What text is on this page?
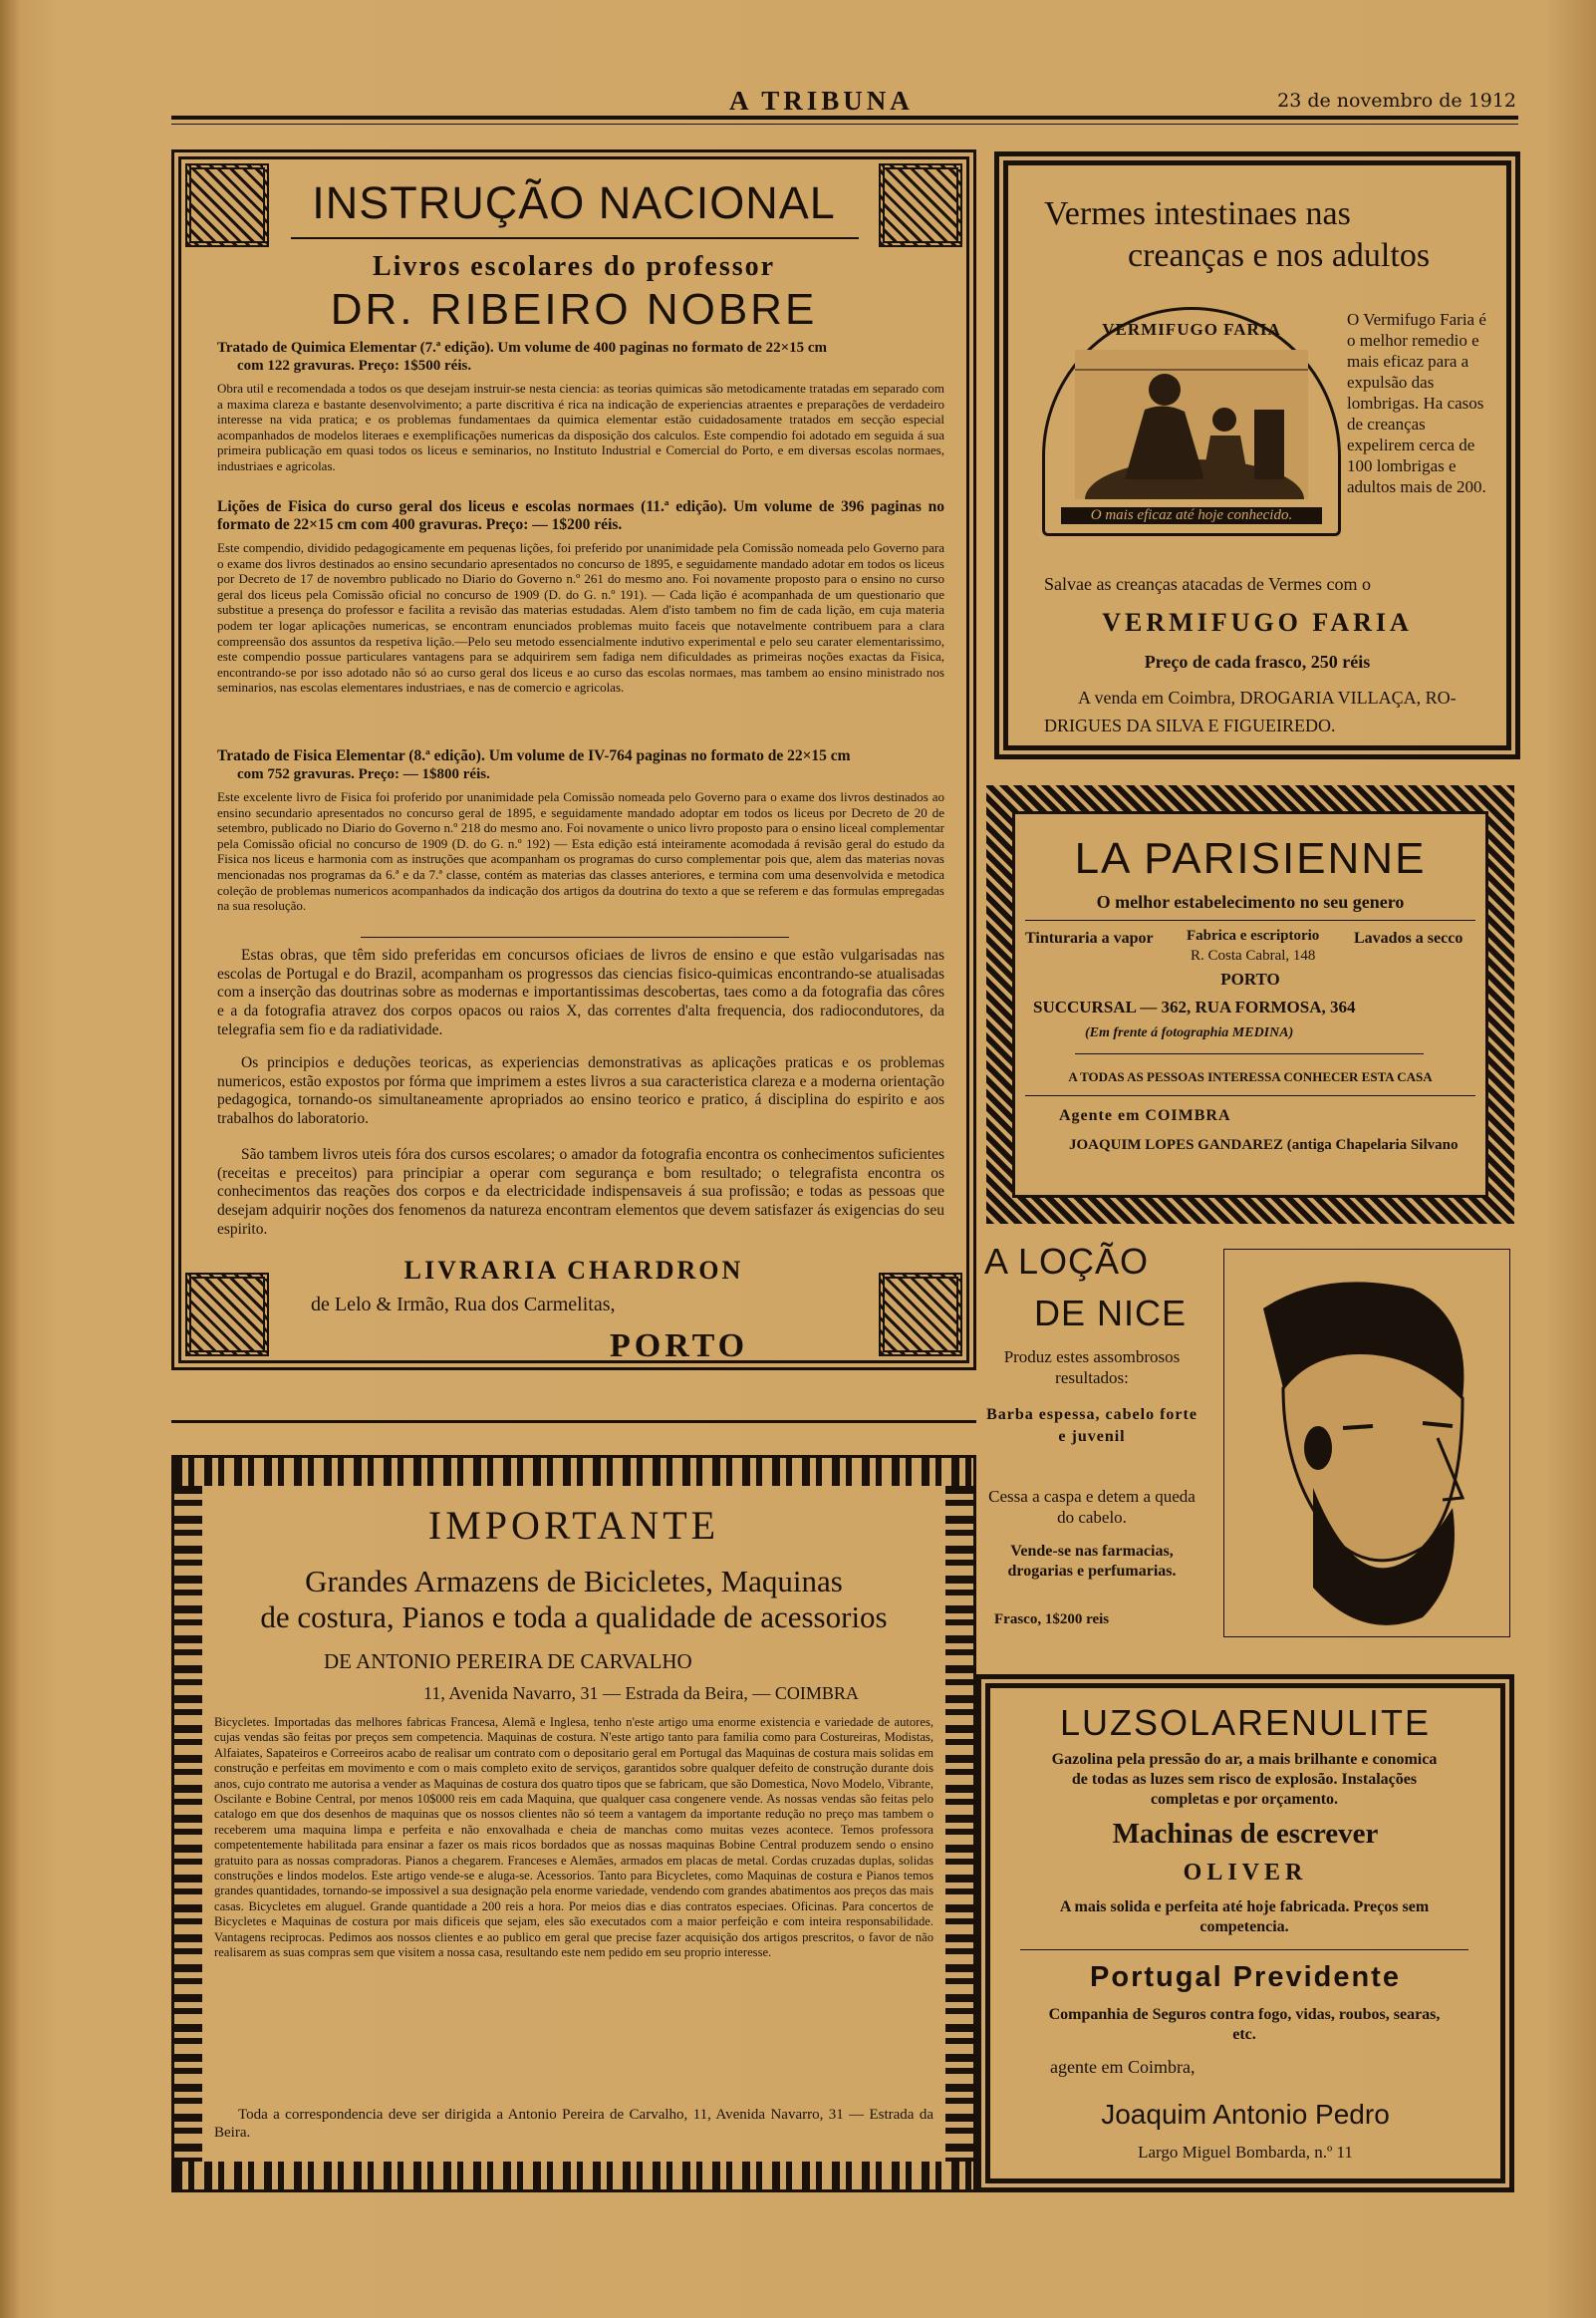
A TRIBUNA	23 de novembro de 1912
INSTRUÇÃO NACIONAL
Livros escolares do professor
DR. RIBEIRO NOBRE
Tratado de Quimica Elementar (7.ª edição). Um volume de 400 paginas no formato de 22×15 cm
com 122 gravuras. Preço: 1$500 réis.
Obra util e recomendada a todos os que desejam instruir-se nesta ciencia: as teorias quimicas são metodicamente tratadas em separado com a maxima clareza e bastante desenvolvimento; a parte discritiva é rica na indicação de experiencias atraentes e preparações de verdadeiro interesse na vida pratica; e os problemas fundamentaes da quimica elementar estão cuidadosamente tratados em secção especial acompanhados de modelos literaes e exemplificações numericas da disposição dos calculos. Este compendio foi adotado em seguida á sua primeira publicação em quasi todos os liceus e seminarios, no Instituto Industrial e Comercial do Porto, e em diversas escolas normaes, industriaes e agricolas.
Lições de Fisica do curso geral dos liceus e escolas normaes (11.ª edição). Um volume de 396 paginas no formato de 22×15 cm com 400 gravuras. Preço: — 1$200 réis.
Este compendio, dividido pedagogicamente em pequenas lições, foi preferido por unanimidade pela Comissão nomeada pelo Governo para o exame dos livros destinados ao ensino secundario apresentados no concurso de 1895, e seguidamente mandado adotar em todos os liceus por Decreto de 17 de novembro publicado no Diario do Governo n.º 261 do mesmo ano. Foi novamente proposto para o ensino no curso geral dos liceus pela Comissão oficial no concurso de 1909 (D. do G. n.º 191). — Cada lição é acompanhada de um questionario que substitue a presença do professor e facilita a revisão das materias estudadas. Alem d'isto tambem no fim de cada lição, em cuja materia podem ter logar aplicações numericas, se encontram enunciados problemas muito faceis que notavelmente contribuem para a clara compreensão dos assuntos da respetiva lição.—Pelo seu metodo essencialmente indutivo experimental e pelo seu carater elementarissimo, este compendio possue particulares vantagens para se adquirirem sem fadiga nem dificuldades as primeiras noções exactas da Fisica, encontrando-se por isso adotado não só ao curso geral dos liceus e ao curso das escolas normaes, mas tambem ao ensino ministrado nos seminarios, nas escolas elementares industriaes, e nas de comercio e agricolas.
Tratado de Fisica Elementar (8.ª edição). Um volume de IV-764 paginas no formato de 22×15 cm
com 752 gravuras. Preço: — 1$800 réis.
Este excelente livro de Fisica foi proferido por unanimidade pela Comissão nomeada pelo Governo para o exame dos livros destinados ao ensino secundario apresentados no concurso geral de 1895, e seguidamente mandado adoptar em todos os liceus por Decreto de 20 de setembro, publicado no Diario do Governo n.º 218 do mesmo ano. Foi novamente o unico livro proposto para o ensino liceal complementar pela Comissão oficial no concurso de 1909 (D. do G. n.º 192) — Esta edição está inteiramente acomodada á revisão geral do estudo da Fisica nos liceus e harmonia com as instruções que acompanham os programas do curso complementar pois que, alem das materias novas mencionadas nos programas da 6.ª e da 7.ª classe, contém as materias das classes anteriores, e termina com uma desenvolvida e metodica coleção de problemas numericos acompanhados da indicação dos artigos da doutrina do texto a que se referem e das formulas empregadas na sua resolução.
Estas obras, que têm sido preferidas em concursos oficiaes de livros de ensino e que estão vulgarisadas nas escolas de Portugal e do Brazil, acompanham os progressos das ciencias fisico-quimicas encontrando-se atualisadas com a inserção das doutrinas sobre as modernas e importantissimas descobertas, taes como a da fotografia das côres e a da fotografia atravez dos corpos opacos ou raios X, das correntes d'alta frequencia, dos radiocondutores, da telegrafia sem fio e da radiatividade.
Os principios e deduções teoricas, as experiencias demonstrativas as aplicações praticas e os problemas numericos, estão expostos por fórma que imprimem a estes livros a sua caracteristica clareza e a moderna orientação pedagogica, tornando-os simultaneamente apropriados ao ensino teorico e pratico, á disciplina do espirito e aos trabalhos do laboratorio.
São tambem livros uteis fóra dos cursos escolares; o amador da fotografia encontra os conhecimentos suficientes (receitas e preceitos) para principiar a operar com segurança e bom resultado; o telegrafista encontra os conhecimentos das reações dos corpos e da electricidade indispensaveis á sua profissão; e todas as pessoas que desejam adquirir noções dos fenomenos da natureza encontram elementos que devem satisfazer ás exigencias do seu espirito.
LIVRARIA CHARDRON
de Lelo & Irmão, Rua dos Carmelitas,
PORTO
IMPORTANTE
Grandes Armazens de Bicicletes, Maquinas
de costura, Pianos e toda a qualidade de acessorios
DE ANTONIO PEREIRA DE CARVALHO
11, Avenida Navarro, 31 — Estrada da Beira, — COIMBRA
Bicycletes. Importadas das melhores fabricas Francesa, Alemã e Inglesa, tenho n'este artigo uma enorme existencia e variedade de autores, cujas vendas são feitas por preços sem competencia. Maquinas de costura. N'este artigo tanto para familia como para Costureiras, Modistas, Alfaiates, Sapateiros e Correeiros acabo de realisar um contrato com o depositario geral em Portugal das Maquinas de costura mais solidas em construção e perfeitas em movimento e com o mais completo exito de serviços, garantidos sobre qualquer defeito de construção durante dois anos, cujo contrato me autorisa a vender as Maquinas de costura dos quatro tipos que se fabricam, que são Domestica, Novo Modelo, Vibrante, Oscilante e Bobine Central, por menos 10$000 reis em cada Maquina, que qualquer casa congenere vende. As nossas vendas são feitas pelo catalogo em que dos desenhos de maquinas que os nossos clientes não só teem a vantagem da importante redução no preço mas tambem o receberem uma maquina limpa e perfeita e não enxovalhada e cheia de manchas como muitas vezes acontece. Temos professora competentemente habilitada para ensinar a fazer os mais ricos bordados que as nossas maquinas Bobine Central produzem sendo o ensino gratuito para as nossas compradoras. Pianos a chegarem. Franceses e Alemães, armados em placas de metal. Cordas cruzadas duplas, solidas construções e lindos modelos. Este artigo vende-se e aluga-se. Acessorios. Tanto para Bicycletes, como Maquinas de costura e Pianos temos grandes quantidades, tornando-se impossivel a sua designação pela enorme variedade, vendendo com grandes abatimentos aos preços das mais casas. Bicycletes em aluguel. Grande quantidade a 200 reis a hora. Por meios dias e dias contratos especiaes. Oficinas. Para concertos de Bicycletes e Maquinas de costura por mais dificeis que sejam, eles são executados com a maior perfeição e com inteira responsabilidade. Vantagens reciprocas. Pedimos aos nossos clientes e ao publico em geral que precise fazer acquisição dos artigos prescritos, o favor de não realisarem as suas compras sem que visitem a nossa casa, resultando este nem pedido em seu proprio interesse.
Toda a correspondencia deve ser dirigida a Antonio Pereira de Carvalho, 11, Avenida Navarro, 31 — Estrada da Beira.
Vermes intestinaes nas
creanças e nos adultos
VERMIFUGO FARIA
O mais eficaz até hoje conhecido.
O Vermifugo Faria é o melhor remedio e mais eficaz para a expulsão das lombrigas. Ha casos de creanças expelirem cerca de 100 lombrigas e adultos mais de 200.
Salvae as creanças atacadas de Vermes com o
VERMIFUGO FARIA
Preço de cada frasco, 250 réis
A venda em Coimbra, DROGARIA VILLAÇA, RO-
DRIGUES DA SILVA E FIGUEIREDO.
LA PARISIENNE
O melhor estabelecimento no seu genero
Tinturaria a vapor Fabrica e escriptorio
R. Costa Cabral, 148
Lavados a secco
PORTO
SUCCURSAL — 362, RUA FORMOSA, 364
(Em frente á fotographia MEDINA)
A TODAS AS PESSOAS INTERESSA CONHECER ESTA CASA
Agente em COIMBRA
JOAQUIM LOPES GANDAREZ (antiga Chapelaria Silvano
A LOÇÃO
DE NICE
Produz estes assombrosos resultados:
Barba espessa, cabelo forte e juvenil
Cessa a caspa e detem a queda do cabelo.
Vende-se nas farmacias, drogarias e perfumarias.
Frasco, 1$200 reis
LUZSOLARENULITE
Gazolina pela pressão do ar, a mais brilhante e conomica de todas as luzes sem risco de explosão. Instalações completas e por orçamento.
Machinas de escrever
OLIVER
A mais solida e perfeita até hoje fabricada. Preços sem competencia.
Portugal Previdente
Companhia de Seguros contra fogo, vidas, roubos, searas, etc.
agente em Coimbra,
Joaquim Antonio Pedro
Largo Miguel Bombarda, n.º 11
